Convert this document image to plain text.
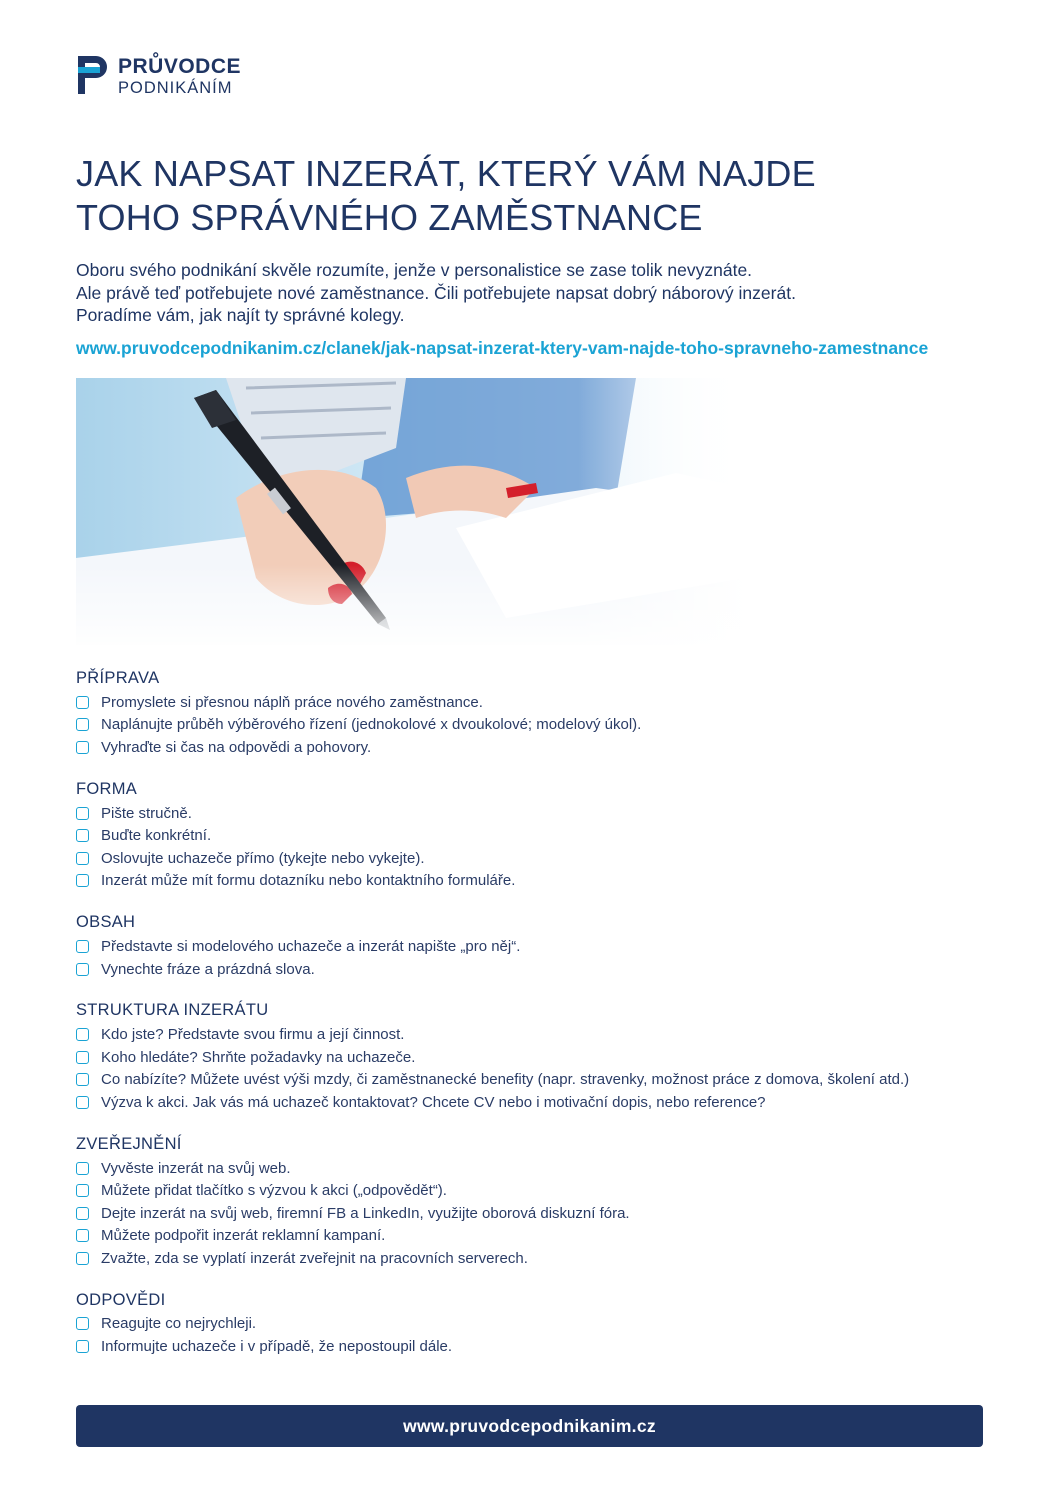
PRŮVODCE
PODNIKÁNÍM
JAK NAPSAT INZERÁT, KTERÝ VÁM NAJDE
TOHO SPRÁVNÉHO ZAMĚSTNANCE
Oboru svého podnikání skvěle rozumíte, jenže v personalistice se zase tolik nevyznáte.
Ale právě teď potřebujete nové zaměstnance. Čili potřebujete napsat dobrý náborový inzerát.
Poradíme vám, jak najít ty správné kolegy.
www.pruvodcepodnikanim.cz/clanek/jak-napsat-inzerat-ktery-vam-najde-toho-spravneho-zamestnance
PŘÍPRAVA
Promyslete si přesnou náplň práce nového zaměstnance.
Naplánujte průběh výběrového řízení (jednokolové x dvoukolové; modelový úkol).
Vyhraďte si čas na odpovědi a pohovory.
FORMA
Pište stručně.
Buďte konkrétní.
Oslovujte uchazeče přímo (tykejte nebo vykejte).
Inzerát může mít formu dotazníku nebo kontaktního formuláře.
OBSAH
Představte si modelového uchazeče a inzerát napište „pro něj“.
Vynechte fráze a prázdná slova.
STRUKTURA INZERÁTU
Kdo jste? Představte svou firmu a její činnost.
Koho hledáte? Shrňte požadavky na uchazeče.
Co nabízíte? Můžete uvést výši mzdy, či zaměstnanecké benefity (napr. stravenky, možnost práce z domova, školení atd.)
Výzva k akci. Jak vás má uchazeč kontaktovat? Chcete CV nebo i motivační dopis, nebo reference?
ZVEŘEJNĚNÍ
Vyvěste inzerát na svůj web.
Můžete přidat tlačítko s výzvou k akci („odpovědět“).
Dejte inzerát na svůj web, firemní FB a LinkedIn, využijte oborová diskuzní fóra.
Můžete podpořit inzerát reklamní kampaní.
Zvažte, zda se vyplatí inzerát zveřejnit na pracovních serverech.
ODPOVĚDI
Reagujte co nejrychleji.
Informujte uchazeče i v případě, že nepostoupil dále.
www.pruvodcepodnikanim.cz
